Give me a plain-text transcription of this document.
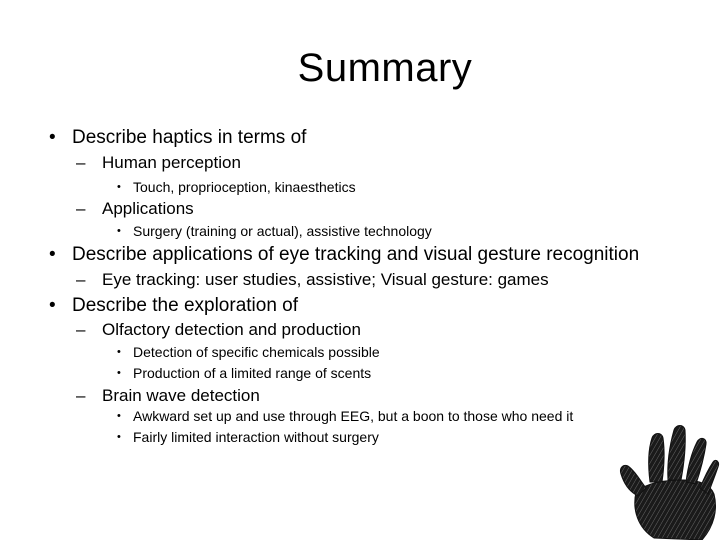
Summary
• Describe haptics in terms of
– Human perception
• Touch, proprioception, kinaesthetics
– Applications
• Surgery (training or actual), assistive technology
• Describe applications of eye tracking and visual gesture recognition
– Eye tracking: user studies, assistive; Visual gesture: games
• Describe the exploration of
– Olfactory detection and production
• Detection of specific chemicals possible
• Production of a limited range of scents
– Brain wave detection
• Awkward set up and use through EEG, but a boon to those who need it
• Fairly limited interaction without surgery
